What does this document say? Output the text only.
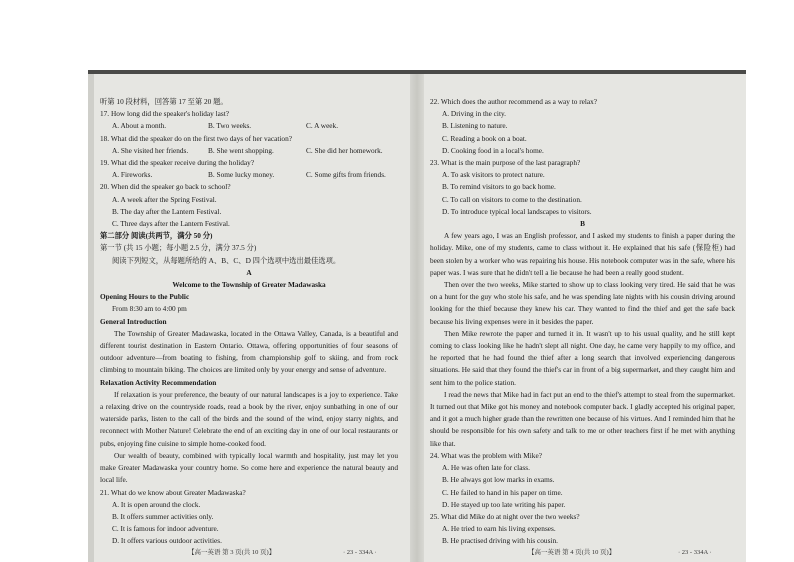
听第 10 段材料，回答第 17 至第 20 题。
17. How long did the speaker's holiday last?
A. About a month.	B. Two weeks.	C. A week.
18. What did the speaker do on the first two days of her vacation?
A. She visited her friends.	B. She went shopping.	C. She did her homework.
19. What did the speaker receive during the holiday?
A. Fireworks.	B. Some lucky money.	C. Some gifts from friends.
20. When did the speaker go back to school?
A. A week after the Spring Festival.
B. The day after the Lantern Festival.
C. Three days after the Lantern Festival.
第二部分 阅读(共两节，满分 50 分)
第一节 (共 15 小题；每小题 2.5 分，满分 37.5 分)
阅读下列短文，从每题所给的 A、B、C、D 四个选项中选出最佳选项。
A
Welcome to the Township of Greater Madawaska
Opening Hours to the Public
From 8:30 am to 4:00 pm
General Introduction
The Township of Greater Madawaska, located in the Ottawa Valley, Canada, is a beautiful and different tourist destination in Eastern Ontario. Ottawa, offering opportunities of four seasons of outdoor adventure—from boating to fishing, from championship golf to skiing, and from rock climbing to mountain biking. The choices are limited only by your energy and sense of adventure.
Relaxation Activity Recommendation
If relaxation is your preference, the beauty of our natural landscapes is a joy to experience. Take a relaxing drive on the countryside roads, read a book by the river, enjoy sunbathing in one of our waterside parks, listen to the call of the birds and the sound of the wind, enjoy starry nights, and reconnect with Mother Nature! Celebrate the end of an exciting day in one of our local restaurants or pubs, enjoying fine cuisine to simple home-cooked food.
Our wealth of beauty, combined with typically local warmth and hospitality, just may let you make Greater Madawaska your country home. So come here and experience the natural beauty and local life.
21. What do we know about Greater Madawaska?
A. It is open around the clock.
B. It offers summer activities only.
C. It is famous for indoor adventure.
D. It offers various outdoor activities.
【高一英语 第 3 页(共 10 页)】	· 23 - 334A ·
22. Which does the author recommend as a way to relax?
A. Driving in the city.
B. Listening to nature.
C. Reading a book on a boat.
D. Cooking food in a local's home.
23. What is the main purpose of the last paragraph?
A. To ask visitors to protect nature.
B. To remind visitors to go back home.
C. To call on visitors to come to the destination.
D. To introduce typical local landscapes to visitors.
B
A few years ago, I was an English professor, and I asked my students to finish a paper during the holiday. Mike, one of my students, came to class without it. He explained that his safe (保险柜) had been stolen by a worker who was repairing his house. His notebook computer was in the safe, where his paper was. I was sure that he didn't tell a lie because he had been a really good student.
Then over the two weeks, Mike started to show up to class looking very tired. He said that he was on a hunt for the guy who stole his safe, and he was spending late nights with his cousin driving around looking for the thief because they knew his car. They wanted to find the thief and get the safe back because his living expenses were in it besides the paper.
Then Mike rewrote the paper and turned it in. It wasn't up to his usual quality, and he still kept coming to class looking like he hadn't slept all night. One day, he came very happily to my office, and he reported that he had found the thief after a long search that involved experiencing dangerous situations. He said that they found the thief's car in front of a big supermarket, and they caught him and sent him to the police station.
I read the news that Mike had in fact put an end to the thief's attempt to steal from the supermarket. It turned out that Mike got his money and notebook computer back. I gladly accepted his original paper, and it got a much higher grade than the rewritten one because of his virtues. And I reminded him that he should be responsible for his own safety and talk to me or other teachers first if he met with anything like that.
24. What was the problem with Mike?
A. He was often late for class.
B. He always got low marks in exams.
C. He failed to hand in his paper on time.
D. He stayed up too late writing his paper.
25. What did Mike do at night over the two weeks?
A. He tried to earn his living expenses.
B. He practised driving with his cousin.
【高一英语 第 4 页(共 10 页)】	· 23 - 334A ·
